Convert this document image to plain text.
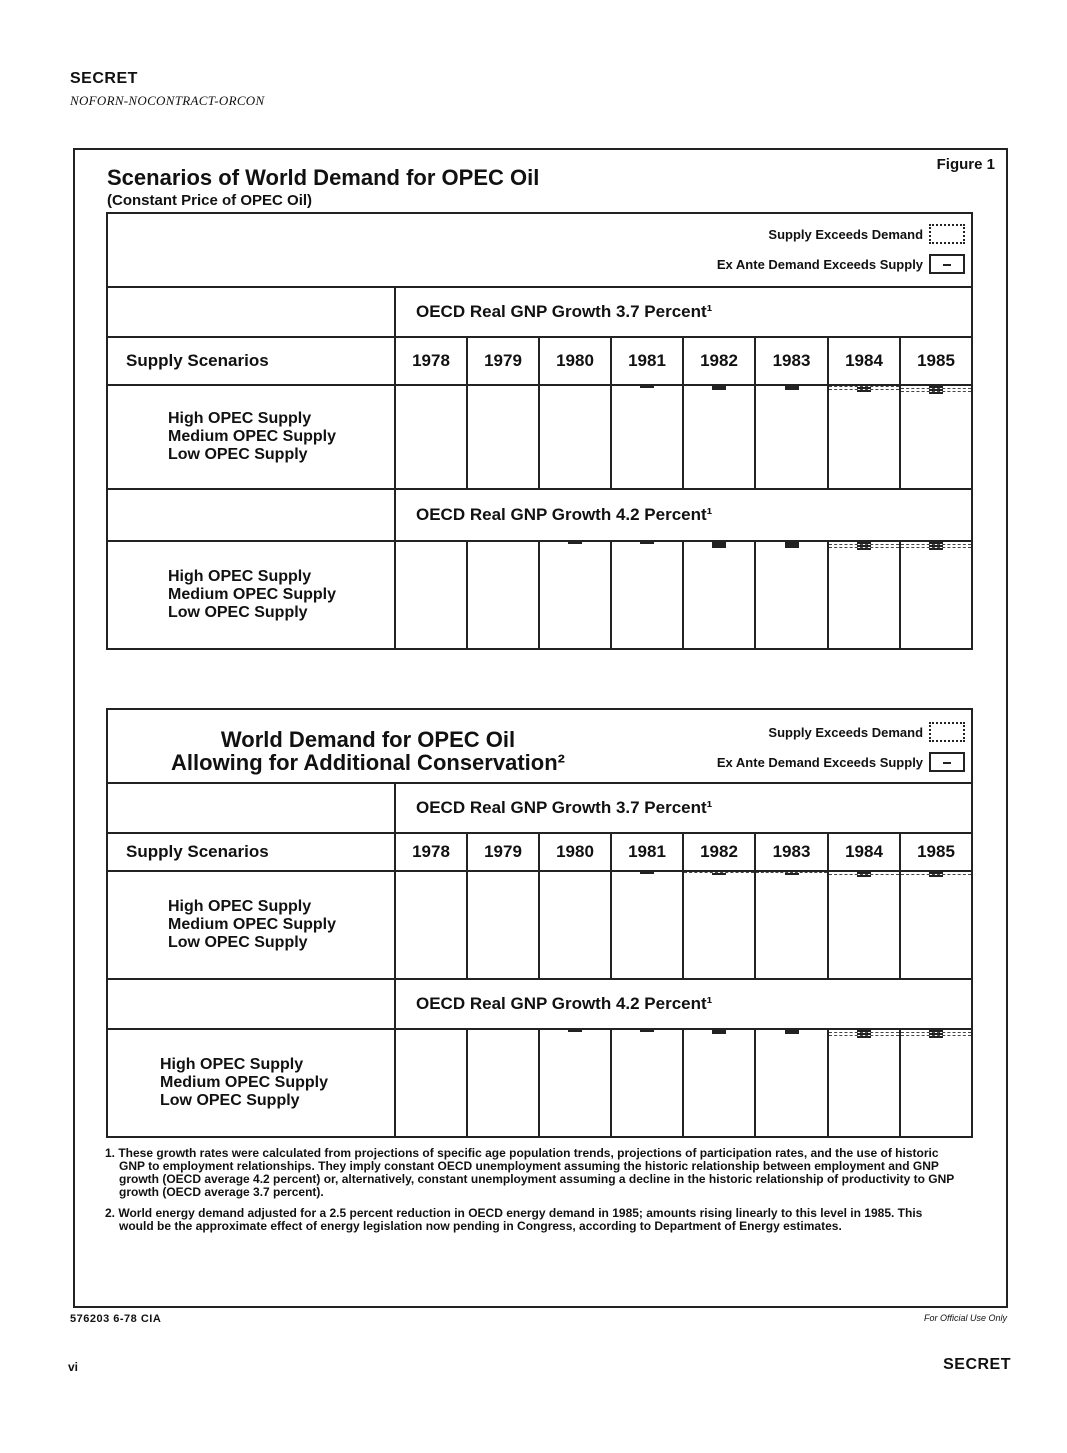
SECRET
NOFORN-NOCONTRACT-ORCON
Figure 1
Scenarios of World Demand for OPEC Oil
(Constant Price of OPEC Oil)
Supply Exceeds Demand
Ex Ante Demand Exceeds Supply								

	OECD Real GNP Growth 3.7 Percent¹							
Supply Scenarios	1978	1979	1980	1981	1982	1983	1984	1985

High OPEC Supply
Medium OPEC Supply
Low OPEC Supply								

	OECD Real GNP Growth 4.2 Percent¹							

High OPEC Supply
Medium OPEC Supply
Low OPEC Supply								

World Demand for OPEC Oil
Allowing for Additional Conservation²
Supply Exceeds Demand
Ex Ante Demand Exceeds Supply								

	OECD Real GNP Growth 3.7 Percent¹							
Supply Scenarios	1978	1979	1980	1981	1982	1983	1984	1985

High OPEC Supply
Medium OPEC Supply
Low OPEC Supply								

	OECD Real GNP Growth 4.2 Percent¹							

High OPEC Supply
Medium OPEC Supply
Low OPEC Supply								

1. These growth rates were calculated from projections of specific age population trends, projections of participation rates, and the use of historic GNP to employment relationships. They imply constant OECD unemployment assuming the historic relationship between employment and GNP growth (OECD average 4.2 percent) or, alternatively, constant unemployment assuming a decline in the historic relationship of productivity to GNP growth (OECD average 3.7 percent).

2. World energy demand adjusted for a 2.5 percent reduction in OECD energy demand in 1985; amounts rising linearly to this level in 1985. This would be the approximate effect of energy legislation now pending in Congress, according to Department of Energy estimates.

576203 6-78 CIA	For Official Use Only
vi	SECRET
